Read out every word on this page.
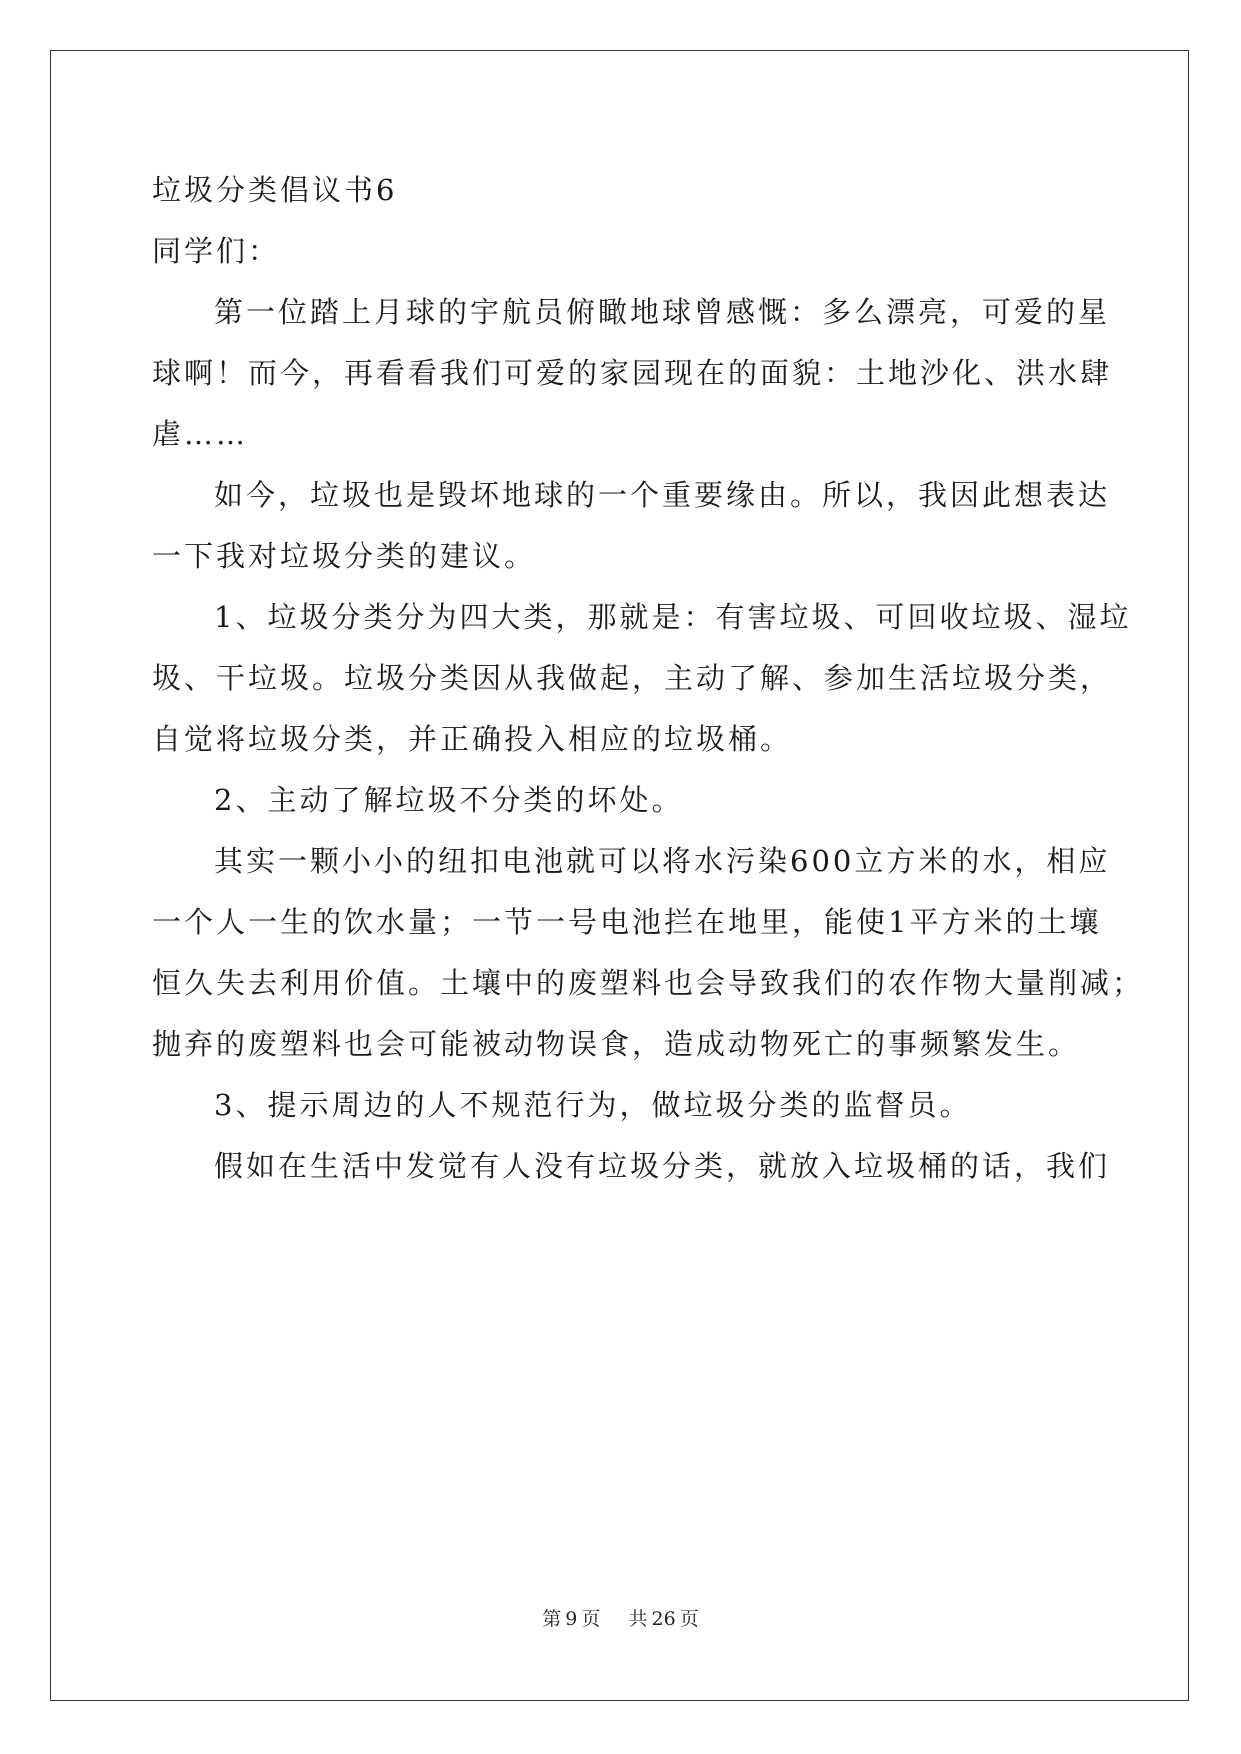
垃圾分类倡议书6
同学们：
第一位踏上月球的宇航员俯瞰地球曾感慨：多么漂亮，可爱的星
球啊！而今，再看看我们可爱的家园现在的面貌：土地沙化、洪水肆
虐……
如今，垃圾也是毁坏地球的一个重要缘由。所以，我因此想表达
一下我对垃圾分类的建议。
1、垃圾分类分为四大类，那就是：有害垃圾、可回收垃圾、湿垃
圾、干垃圾。垃圾分类因从我做起，主动了解、参加生活垃圾分类，
自觉将垃圾分类，并正确投入相应的垃圾桶。
2、主动了解垃圾不分类的坏处。
其实一颗小小的纽扣电池就可以将水污染600立方米的水，相应
一个人一生的饮水量；一节一号电池拦在地里，能使1平方米的土壤
恒久失去利用价值。土壤中的废塑料也会导致我们的农作物大量削减；
抛弃的废塑料也会可能被动物误食，造成动物死亡的事频繁发生。
3、提示周边的人不规范行为，做垃圾分类的监督员。
假如在生活中发觉有人没有垃圾分类，就放入垃圾桶的话，我们
第 9 页 共 26 页
